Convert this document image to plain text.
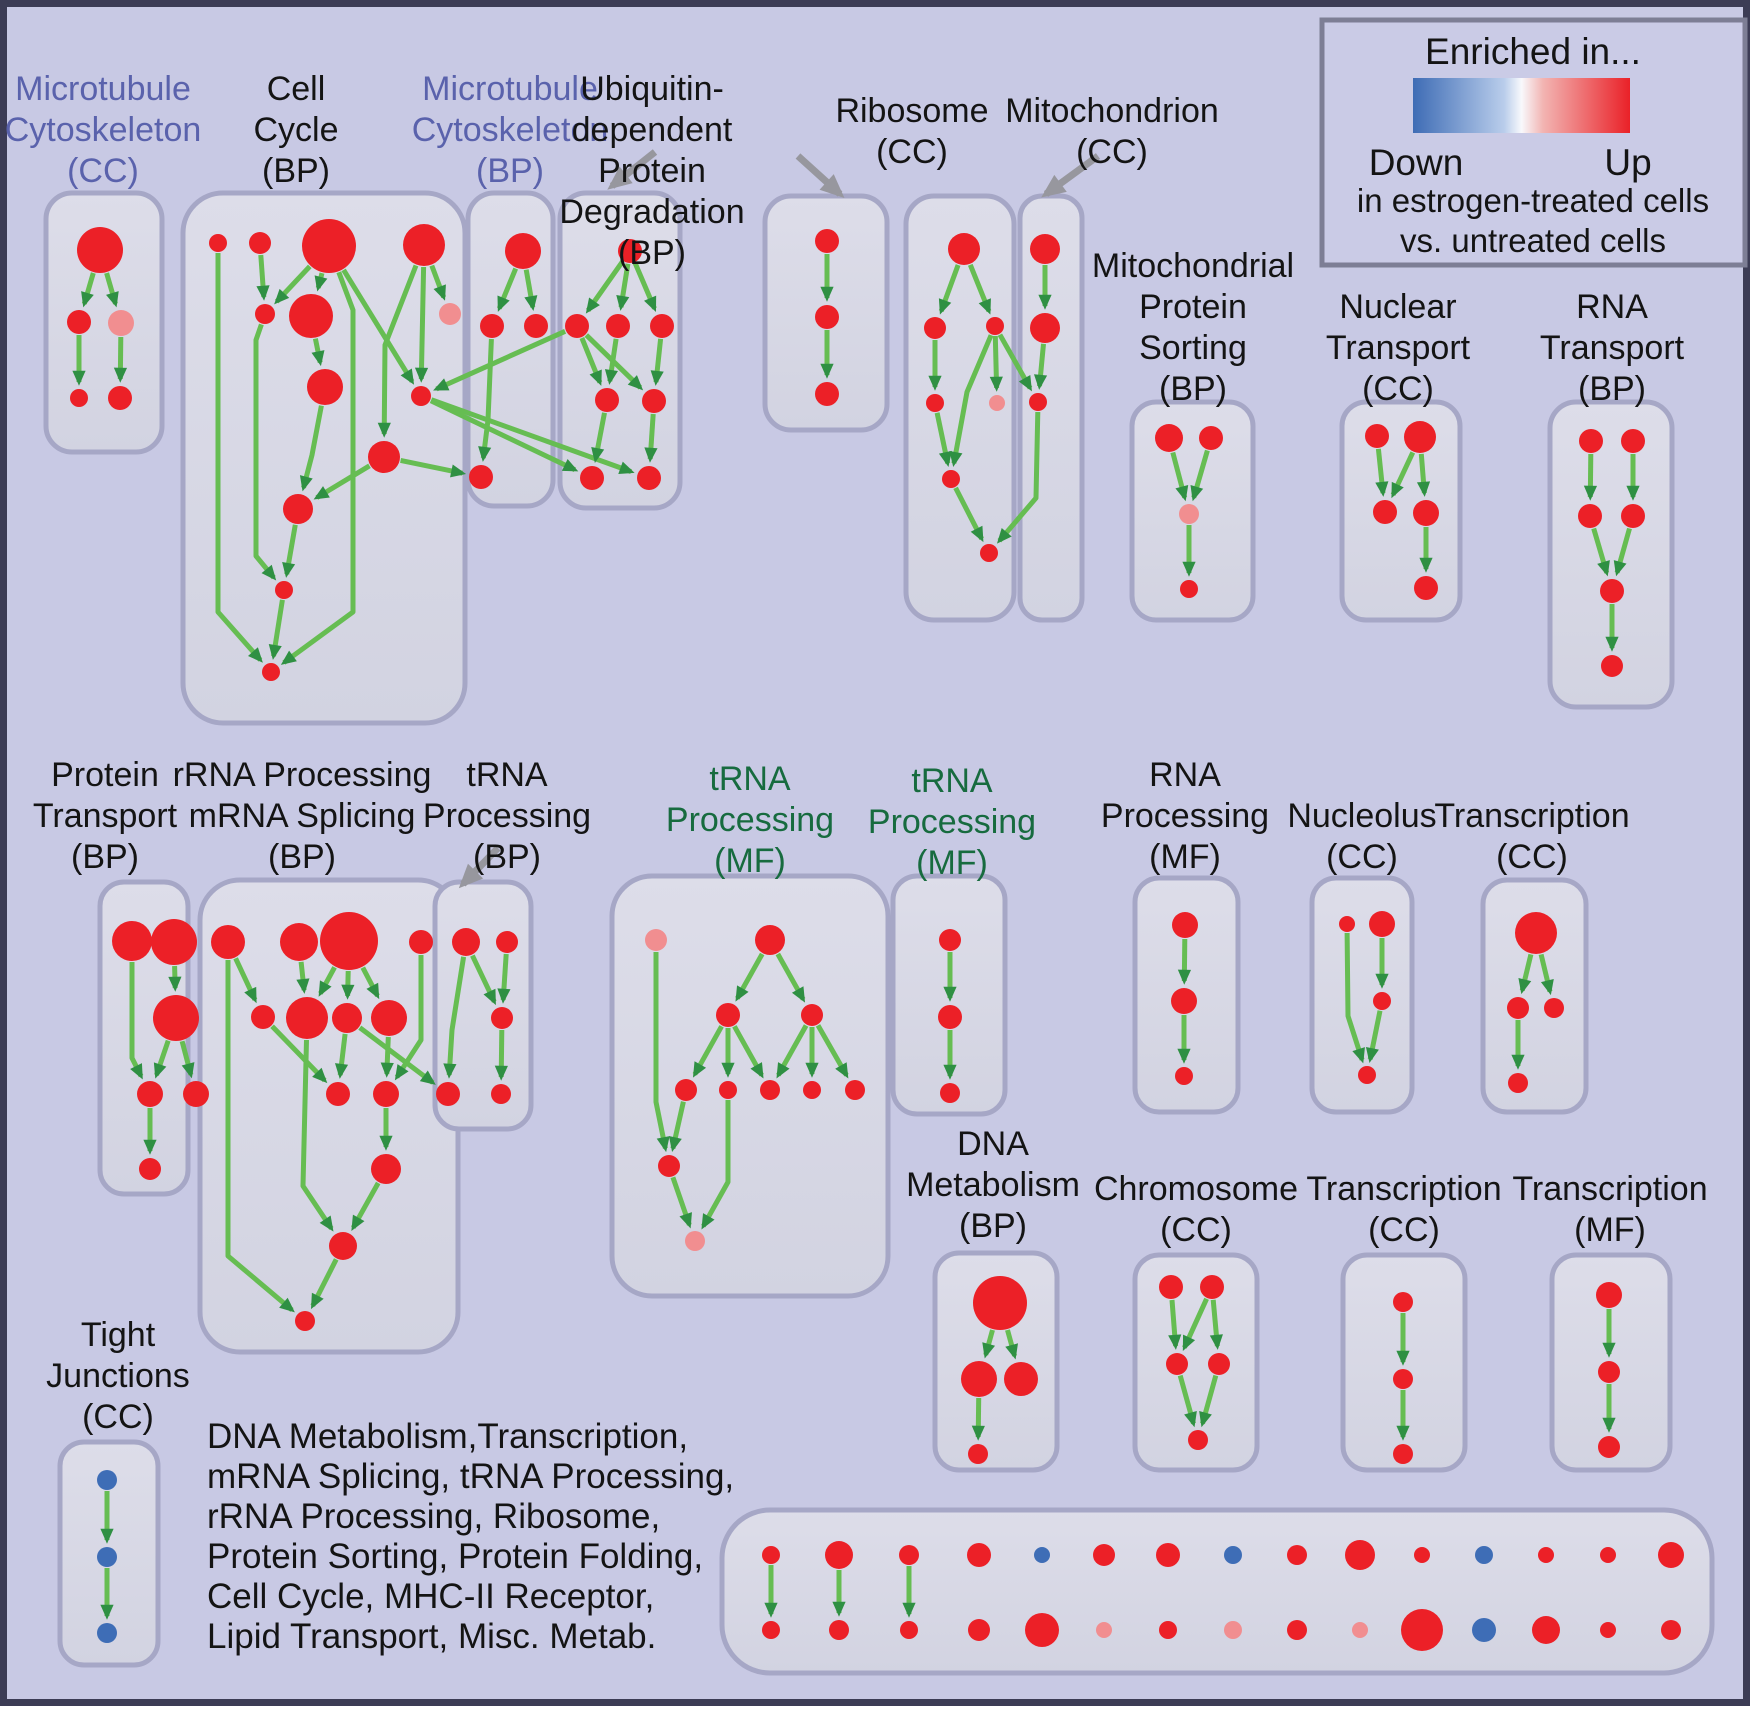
Microtubule Cytoskeleton (CC)
Cell Cycle (BP)
Microtubule Cytoskeleton (BP)
Ubiquitin-dependent Protein Degradation (BP)
Ribosome (CC)
Mitochondrion (CC)
Mitochondrial Protein Sorting (BP)
Nuclear Transport (CC)
RNA Transport (BP)
Protein Transport (BP)
rRNA Processing mRNA Splicing (BP)
tRNA Processing (BP)
tRNA Processing (MF)
tRNA Processing (MF)
RNA Processing (MF)
Nucleolus (CC)
Transcription (CC)
DNA Metabolism (BP)
Chromosome (CC)
Transcription (CC)
Transcription (MF)
Tight Junctions (CC)
Enriched in...
Down	Up
in estrogen-treated cells
vs. untreated cells
DNA Metabolism,Transcription, mRNA Splicing, tRNA Processing, rRNA Processing, Ribosome, Protein Sorting, Protein Folding, Cell Cycle, MHC-II Receptor, Lipid Transport, Misc. Metab.
